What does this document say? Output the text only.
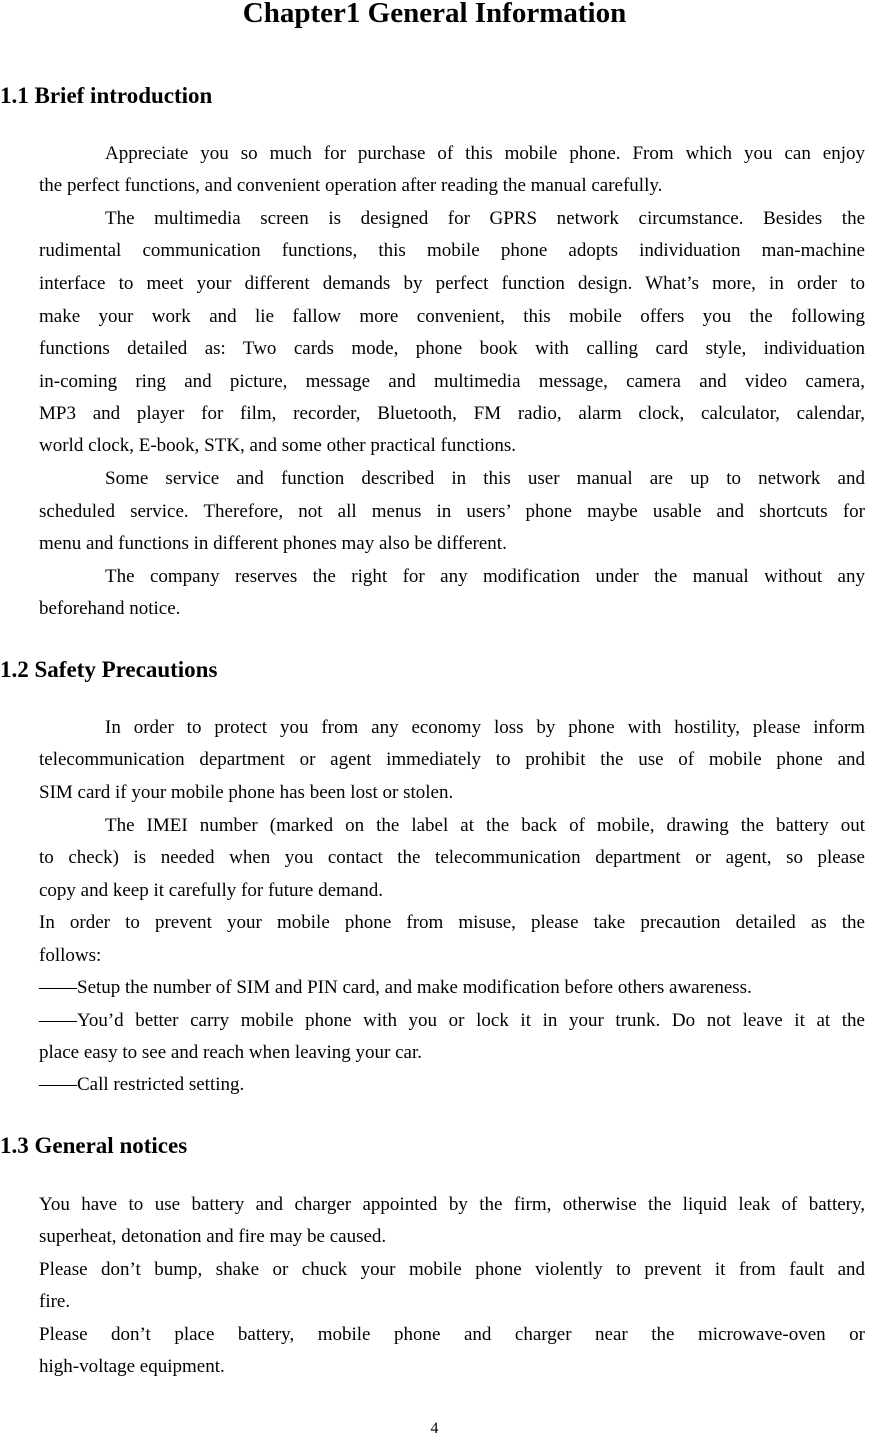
Chapter1 General Information
1.1 Brief introduction

Appreciate you so much for purchase of this mobile phone. From which you can enjoy

the perfect functions, and convenient operation after reading the manual carefully.

The multimedia screen is designed for GPRS network circumstance. Besides the

rudimental communication functions, this mobile phone adopts individuation man-machine

interface to meet your different demands by perfect function design. What’s more, in order to

make your work and lie fallow more convenient, this mobile offers you the following

functions detailed as: Two cards mode, phone book with calling card style, individuation

in-coming ring and picture, message and multimedia message, camera and video camera,

MP3 and player for film, recorder, Bluetooth, FM radio, alarm clock, calculator, calendar,

world clock, E-book, STK, and some other practical functions.

Some service and function described in this user manual are up to network and

scheduled service. Therefore, not all menus in users’ phone maybe usable and shortcuts for

menu and functions in different phones may also be different.

The company reserves the right for any modification under the manual without any

beforehand notice.

1.2 Safety Precautions

In order to protect you from any economy loss by phone with hostility, please inform

telecommunication department or agent immediately to prohibit the use of mobile phone and

SIM card if your mobile phone has been lost or stolen.

The IMEI number (marked on the label at the back of mobile, drawing the battery out

to check) is needed when you contact the telecommunication department or agent, so please

copy and keep it carefully for future demand.

In order to prevent your mobile phone from misuse, please take precaution detailed as the

follows:

——Setup the number of SIM and PIN card, and make modification before others awareness.

——You’d better carry mobile phone with you or lock it in your trunk. Do not leave it at the

place easy to see and reach when leaving your car.

——Call restricted setting.

1.3 General notices

You have to use battery and charger appointed by the firm, otherwise the liquid leak of battery,

superheat, detonation and fire may be caused.

Please don’t bump, shake or chuck your mobile phone violently to prevent it from fault and

fire.

Please don’t place battery, mobile phone and charger near the microwave-oven or

high-voltage equipment.

4
